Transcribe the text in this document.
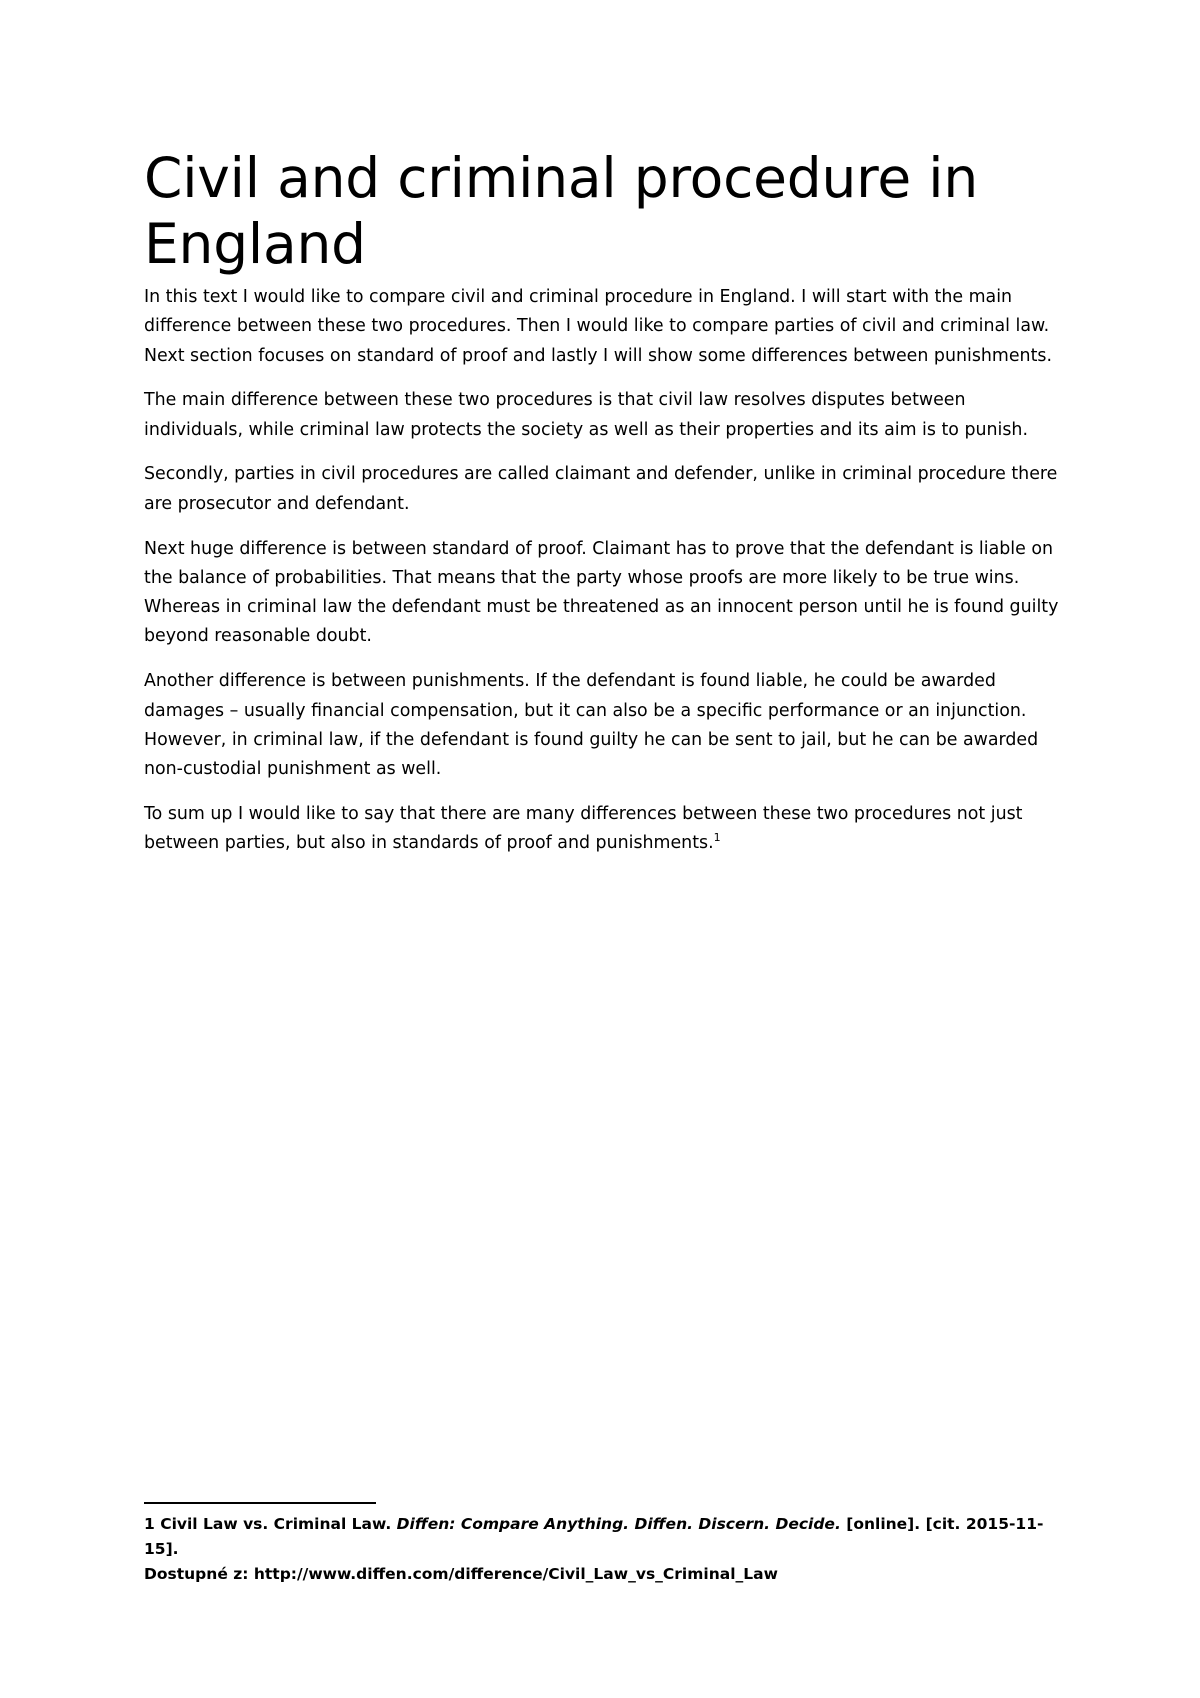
Civil and criminal procedure in England

In this text I would like to compare civil and criminal procedure in England. I will start with the main difference between these two procedures. Then I would like to compare parties of civil and criminal law. Next section focuses on standard of proof and lastly I will show some differences between punishments.

The main difference between these two procedures is that civil law resolves disputes between individuals, while criminal law protects the society as well as their properties and its aim is to punish.

Secondly, parties in civil procedures are called claimant and defender, unlike in criminal procedure there are prosecutor and defendant.

Next huge difference is between standard of proof. Claimant has to prove that the defendant is liable on the balance of probabilities. That means that the party whose proofs are more likely to be true wins. Whereas in criminal law the defendant must be threatened as an innocent person until he is found guilty beyond reasonable doubt.

Another difference is between punishments. If the defendant is found liable, he could be awarded damages – usually financial compensation, but it can also be a specific performance or an injunction. However, in criminal law, if the defendant is found guilty he can be sent to jail, but he can be awarded non-custodial punishment as well.

To sum up I would like to say that there are many differences between these two procedures not just between parties, but also in standards of proof and punishments.$^1$

1 Civil Law vs. Criminal Law. Diffen: Compare Anything. Diffen. Discern. Decide. [online]. [cit. 2015-11-15].
Dostupné z: http://www.diffen.com/difference/Civil_Law_vs_Criminal_Law
